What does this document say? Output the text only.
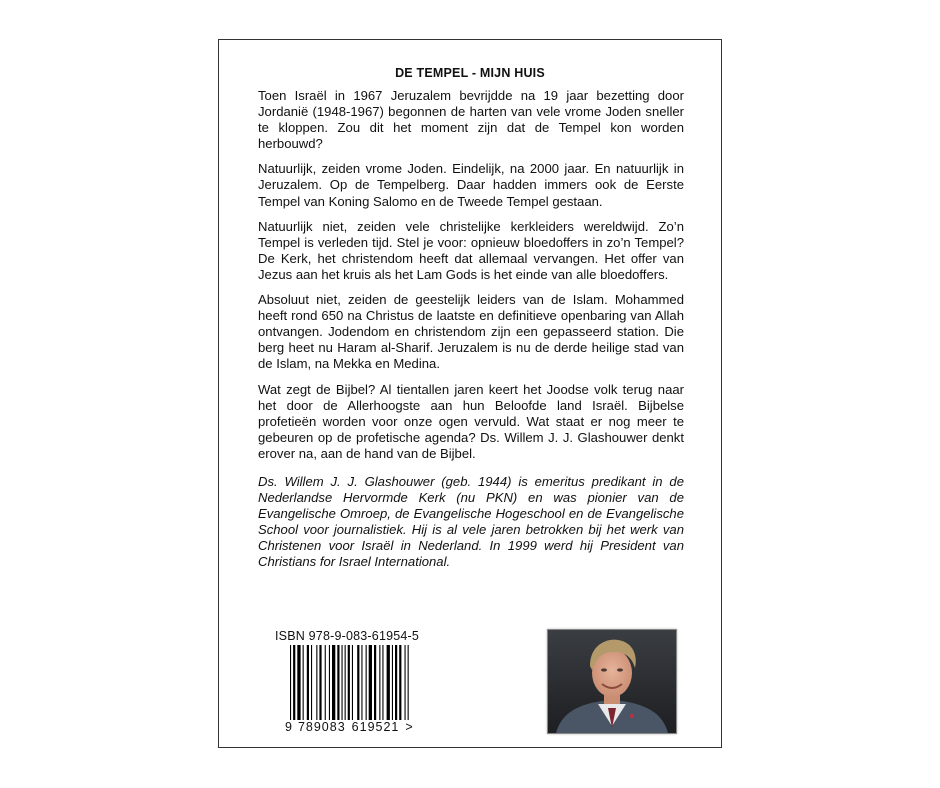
DE TEMPEL - MIJN HUIS

Toen Israël in 1967 Jeruzalem bevrijdde na 19 jaar bezetting door Jordanië (1948-1967) begonnen de harten van vele vrome Joden sneller te kloppen. Zou dit het moment zijn dat de Tempel kon worden herbouwd?

Natuurlijk, zeiden vrome Joden. Eindelijk, na 2000 jaar. En natuurlijk in Jeruzalem. Op de Tempelberg. Daar hadden immers ook de Eerste Tempel van Koning Salomo en de Tweede Tempel gestaan.

Natuurlijk niet, zeiden vele christelijke kerkleiders wereldwijd. Zo’n Tempel is verleden tijd. Stel je voor: opnieuw bloedoffers in zo’n Tempel? De Kerk, het christendom heeft dat allemaal vervangen. Het offer van Jezus aan het kruis als het Lam Gods is het einde van alle bloedoffers.

Absoluut niet, zeiden de geestelijk leiders van de Islam. Mohammed heeft rond 650 na Christus de laatste en definitieve openbaring van Allah ontvangen. Jodendom en christendom zijn een gepasseerd station. Die berg heet nu Haram al-Sharif. Jeruzalem is nu de derde heilige stad van de Islam, na Mekka en Medina.

Wat zegt de Bijbel? Al tientallen jaren keert het Joodse volk terug naar het door de Allerhoogste aan hun Beloofde land Israël. Bijbelse profetieën worden voor onze ogen vervuld. Wat staat er nog meer te gebeuren op de profetische agenda? Ds. Willem J. J. Glashouwer denkt erover na, aan de hand van de Bijbel.

Ds. Willem J. J. Glashouwer (geb. 1944) is emeritus predikant in de Nederlandse Hervormde Kerk (nu PKN) en was pionier van de Evangelische Omroep, de Evangelische Hogeschool en de Evangelische School voor journalistiek. Hij is al vele jaren betrokken bij het werk van Christenen voor Israël in Nederland. In 1999 werd hij President van Christians for Israel International.

ISBN 978-9-083-61954-5
9 789083 619521 >
